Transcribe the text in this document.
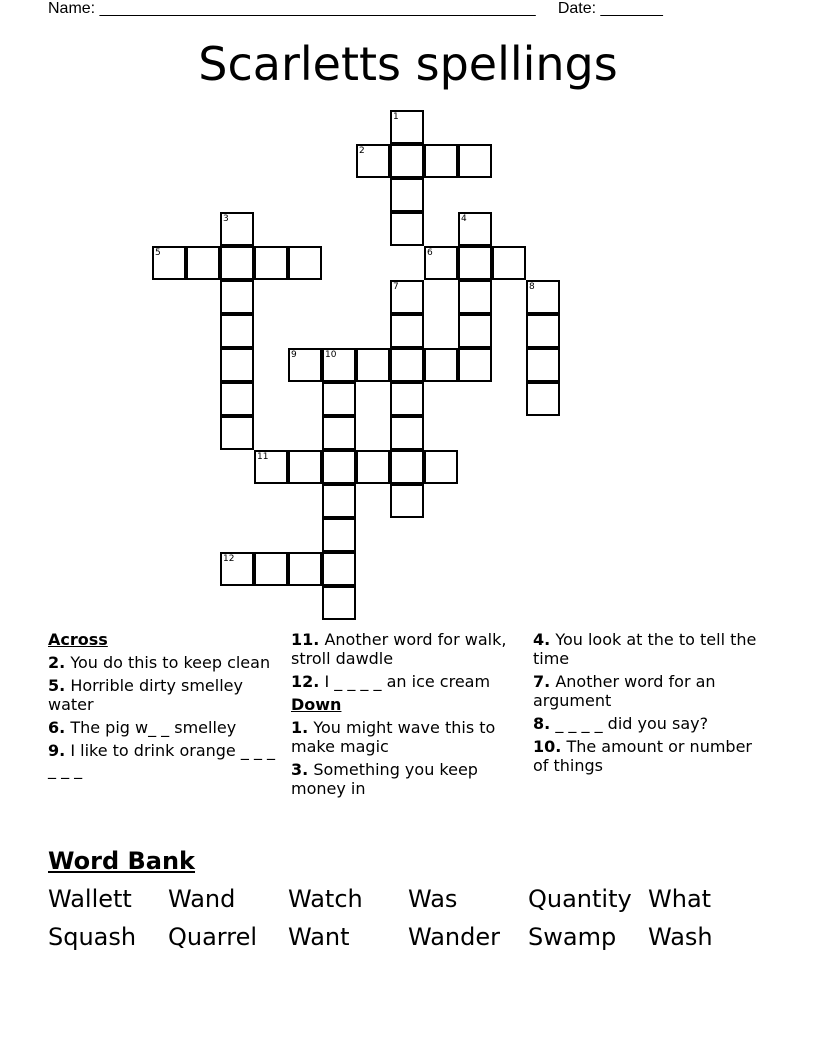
Name: _________________________________________________ Date: _______
Scarletts spellings
1
2
3	4
5	6
7	8
9	10
11
12
Across
2. You do this to keep clean
5. Horrible dirty smelley water
6. The pig w_ _ smelley
9. I like to drink orange _ _ _ _ _ _
11. Another word for walk, stroll dawdle
12. I _ _ _ _ an ice cream
Down
1. You might wave this to make magic
3. Something you keep money in
4. You look at the to tell the time
7. Another word for an argument
8. _ _ _ _ did you say?
10. The amount or number of things
Word Bank
Wallett	Wand	Watch	Was	Quantity What
Squash	Quarrel	Want	Wander	Swamp	Wash
